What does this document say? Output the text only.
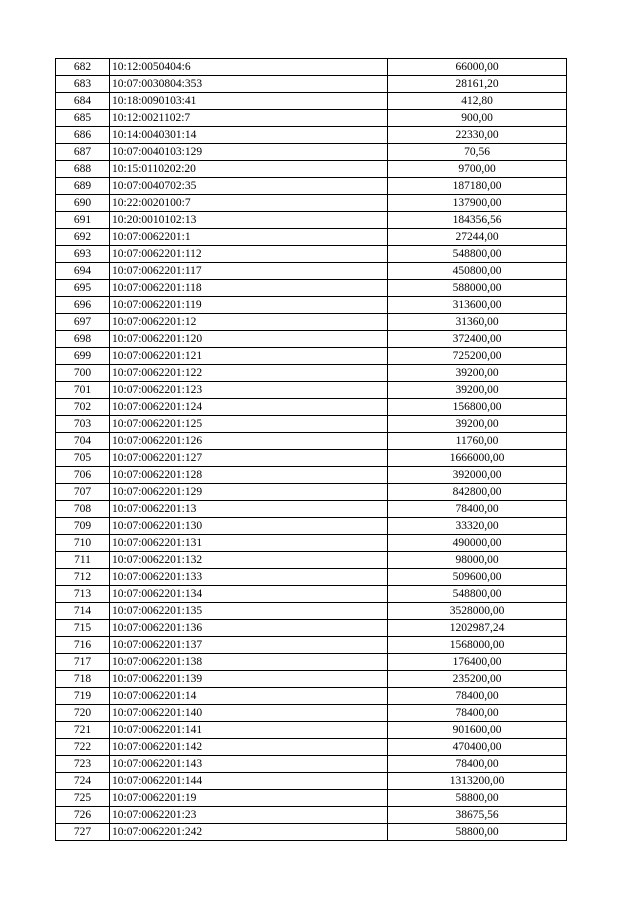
682	10:12:0050404:6	66000,00
683	10:07:0030804:353	28161,20
684	10:18:0090103:41	412,80
685	10:12:0021102:7	900,00
686	10:14:0040301:14	22330,00
687	10:07:0040103:129	70,56
688	10:15:0110202:20	9700,00
689	10:07:0040702:35	187180,00
690	10:22:0020100:7	137900,00
691	10:20:0010102:13	184356,56
692	10:07:0062201:1	27244,00
693	10:07:0062201:112	548800,00
694	10:07:0062201:117	450800,00
695	10:07:0062201:118	588000,00
696	10:07:0062201:119	313600,00
697	10:07:0062201:12	31360,00
698	10:07:0062201:120	372400,00
699	10:07:0062201:121	725200,00
700	10:07:0062201:122	39200,00
701	10:07:0062201:123	39200,00
702	10:07:0062201:124	156800,00
703	10:07:0062201:125	39200,00
704	10:07:0062201:126	11760,00
705	10:07:0062201:127	1666000,00
706	10:07:0062201:128	392000,00
707	10:07:0062201:129	842800,00
708	10:07:0062201:13	78400,00
709	10:07:0062201:130	33320,00
710	10:07:0062201:131	490000,00
711	10:07:0062201:132	98000,00
712	10:07:0062201:133	509600,00
713	10:07:0062201:134	548800,00
714	10:07:0062201:135	3528000,00
715	10:07:0062201:136	1202987,24
716	10:07:0062201:137	1568000,00
717	10:07:0062201:138	176400,00
718	10:07:0062201:139	235200,00
719	10:07:0062201:14	78400,00
720	10:07:0062201:140	78400,00
721	10:07:0062201:141	901600,00
722	10:07:0062201:142	470400,00
723	10:07:0062201:143	78400,00
724	10:07:0062201:144	1313200,00
725	10:07:0062201:19	58800,00
726	10:07:0062201:23	38675,56
727	10:07:0062201:242	58800,00
